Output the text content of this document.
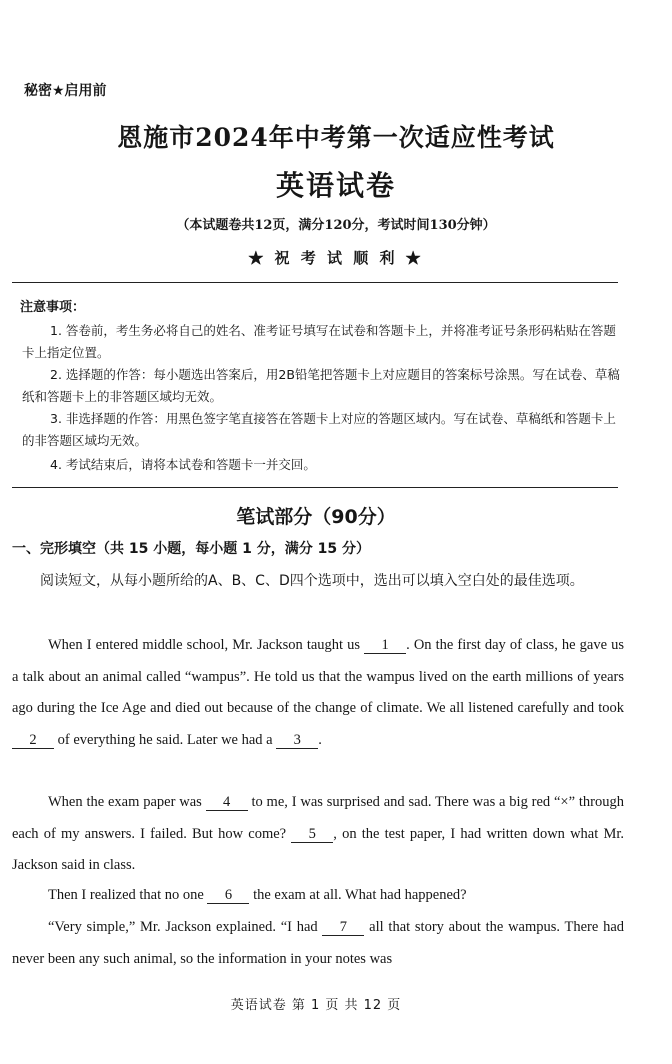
秘密★启用前
恩施市2024年中考第一次适应性考试
英语试卷
（本试题卷共12页，满分120分，考试时间130分钟）
★ 祝 考 试 顺 利 ★
注意事项：
1. 答卷前，考生务必将自己的姓名、准考证号填写在试卷和答题卡上，并将准考证号条形码粘贴在答题卡上指定位置。
2. 选择题的作答：每小题选出答案后，用2B铅笔把答题卡上对应题目的答案标号涂黑。写在试卷、草稿纸和答题卡上的非答题区域均无效。
3. 非选择题的作答：用黑色签字笔直接答在答题卡上对应的答题区域内。写在试卷、草稿纸和答题卡上的非答题区域均无效。
4. 考试结束后，请将本试卷和答题卡一并交回。
笔试部分（90分）
一、完形填空（共 15 小题，每小题 1 分，满分 15 分）
阅读短文，从每小题所给的A、B、C、D四个选项中，选出可以填入空白处的最佳选项。
When I entered middle school, Mr. Jackson taught us 1 . On the first day of class, he gave us a talk about an animal called “wampus”. He told us that the wampus lived on the earth millions of years ago during the Ice Age and died out because of the change of climate. We all listened carefully and took 2 of everything he said. Later we had a 3 .
When the exam paper was 4 to me, I was surprised and sad. There was a big red “×” through each of my answers. I failed. But how come? 5 , on the test paper, I had written down what Mr. Jackson said in class.
Then I realized that no one 6 the exam at all. What had happened?
“Very simple,” Mr. Jackson explained. “I had 7 all that story about the wampus. There had never been any such animal, so the information in your notes was
英语试卷 第 1 页 共 12 页
